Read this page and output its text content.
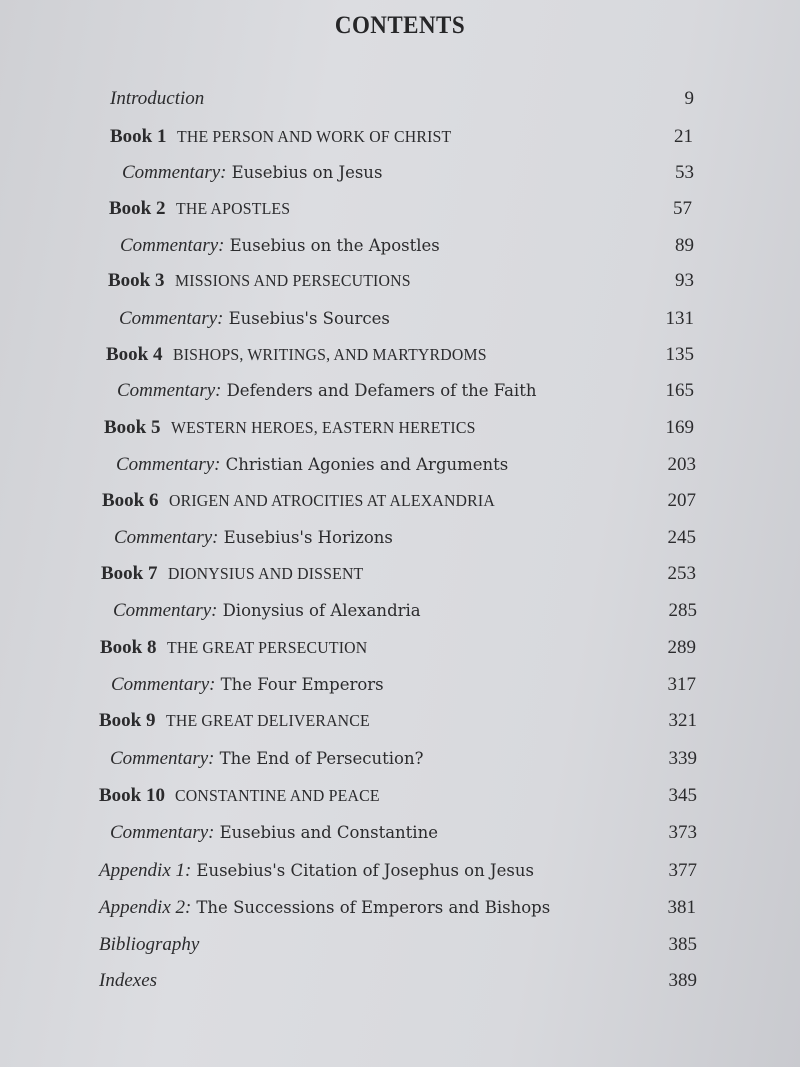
CONTENTS
Introduction	9
Book 1 THE PERSON AND WORK OF CHRIST	21
Commentary: Eusebius on Jesus	53
Book 2 THE APOSTLES	57
Commentary: Eusebius on the Apostles	89
Book 3 MISSIONS AND PERSECUTIONS	93
Commentary: Eusebius's Sources	131
Book 4 BISHOPS, WRITINGS, AND MARTYRDOMS	135
Commentary: Defenders and Defamers of the Faith	165
Book 5 WESTERN HEROES, EASTERN HERETICS	169
Commentary: Christian Agonies and Arguments	203
Book 6 ORIGEN AND ATROCITIES AT ALEXANDRIA	207
Commentary: Eusebius's Horizons	245
Book 7 DIONYSIUS AND DISSENT	253
Commentary: Dionysius of Alexandria	285
Book 8 THE GREAT PERSECUTION	289
Commentary: The Four Emperors	317
Book 9 THE GREAT DELIVERANCE	321
Commentary: The End of Persecution?	339
Book 10 CONSTANTINE AND PEACE	345
Commentary: Eusebius and Constantine	373
Appendix 1: Eusebius's Citation of Josephus on Jesus	377
Appendix 2: The Successions of Emperors and Bishops	381
Bibliography	385
Indexes	389
